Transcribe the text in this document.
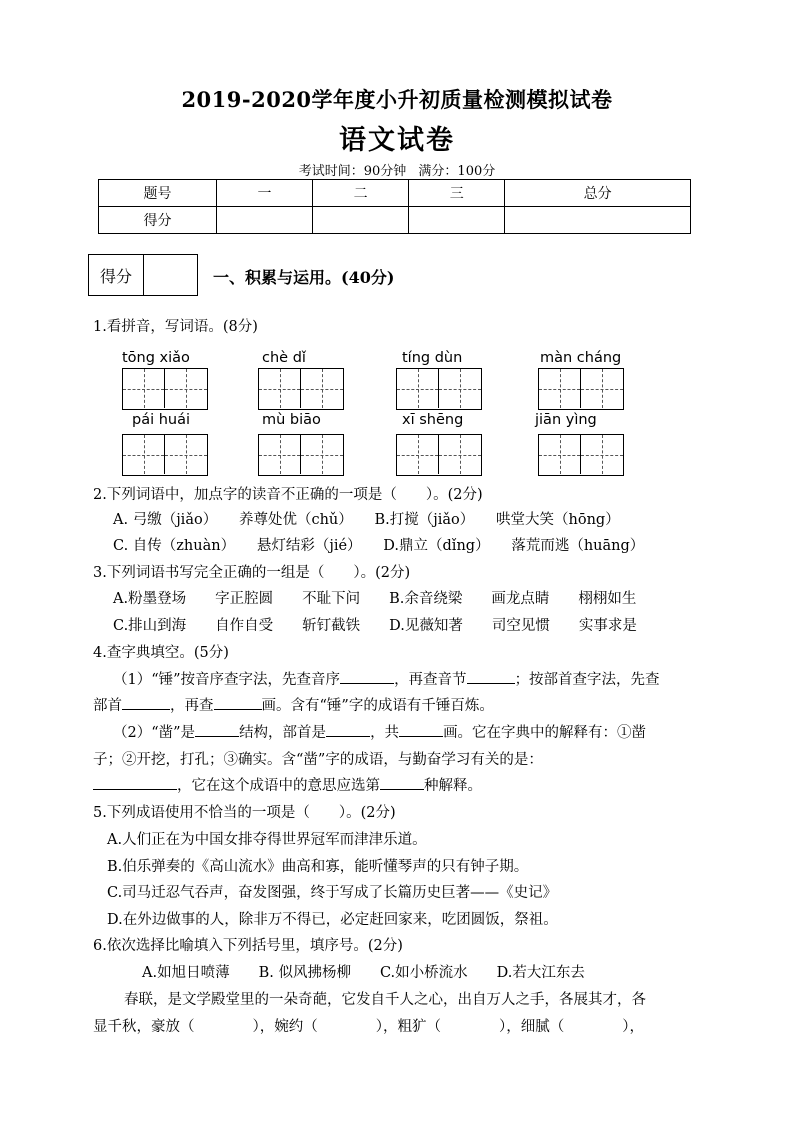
2019-2020学年度小升初质量检测模拟试卷
语文试卷
考试时间：90分钟 满分：100分
题号	一	二	三	总分
得分				
得分	一、积累与运用。(40分)
1.看拼音，写词语。(8分)
tōng xiǎo	chè dǐ	tíng dùn	màn cháng
pái huái	mù biāo	xī shēng	jiān yìng
2.下列词语中，加点字的读音不正确的一项是（　　）。(2分)
A. 弓缴（jiǎo）　　养尊处优（chǔ）　　B.打搅（jiǎo）　　哄堂大笑（hōng）
C. 自传（zhuàn）　　悬灯结彩（jié）　　D.鼎立（dǐng）　　落荒而逃（huāng）
3.下列词语书写完全正确的一组是（　　）。(2分)
A.粉墨登场　　字正腔圆　　不耻下问　　B.余音绕梁　　画龙点睛　　栩栩如生
C.排山到海　　自作自受　　斩钉截铁　　D.见薇知著　　司空见惯　　实事求是
4.查字典填空。(5分)
（1）“锤”按音序查字法，先查音序	，再查音节	；按部首查字法，先查
部首	，再查	画。含有“锤”字的成语有千锤百炼。
（2）“凿”是	结构，部首是	，共	画。它在字典中的解释有：①凿
子；②开挖，打孔；③确实。含“凿”字的成语，与勤奋学习有关的是：
，它在这个成语中的意思应选第	种解释。
5.下列成语使用不恰当的一项是（　　）。(2分)
A.人们正在为中国女排夺得世界冠军而津津乐道。
B.伯乐弹奏的《高山流水》曲高和寡，能听懂琴声的只有钟子期。
C.司马迁忍气吞声，奋发图强，终于写成了长篇历史巨著——《史记》
D.在外边做事的人，除非万不得已，必定赶回家来，吃团圆饭，祭祖。
6.依次选择比喻填入下列括号里，填序号。(2分)
A.如旭日喷薄　　B. 似风拂杨柳　　C.如小桥流水　　D.若大江东去
春联，是文学殿堂里的一朵奇葩，它发自千人之心，出自万人之手，各展其才，各
显千秋，豪放（　　　　），婉约（　　　　），粗犷（　　　　），细腻（　　　　），
